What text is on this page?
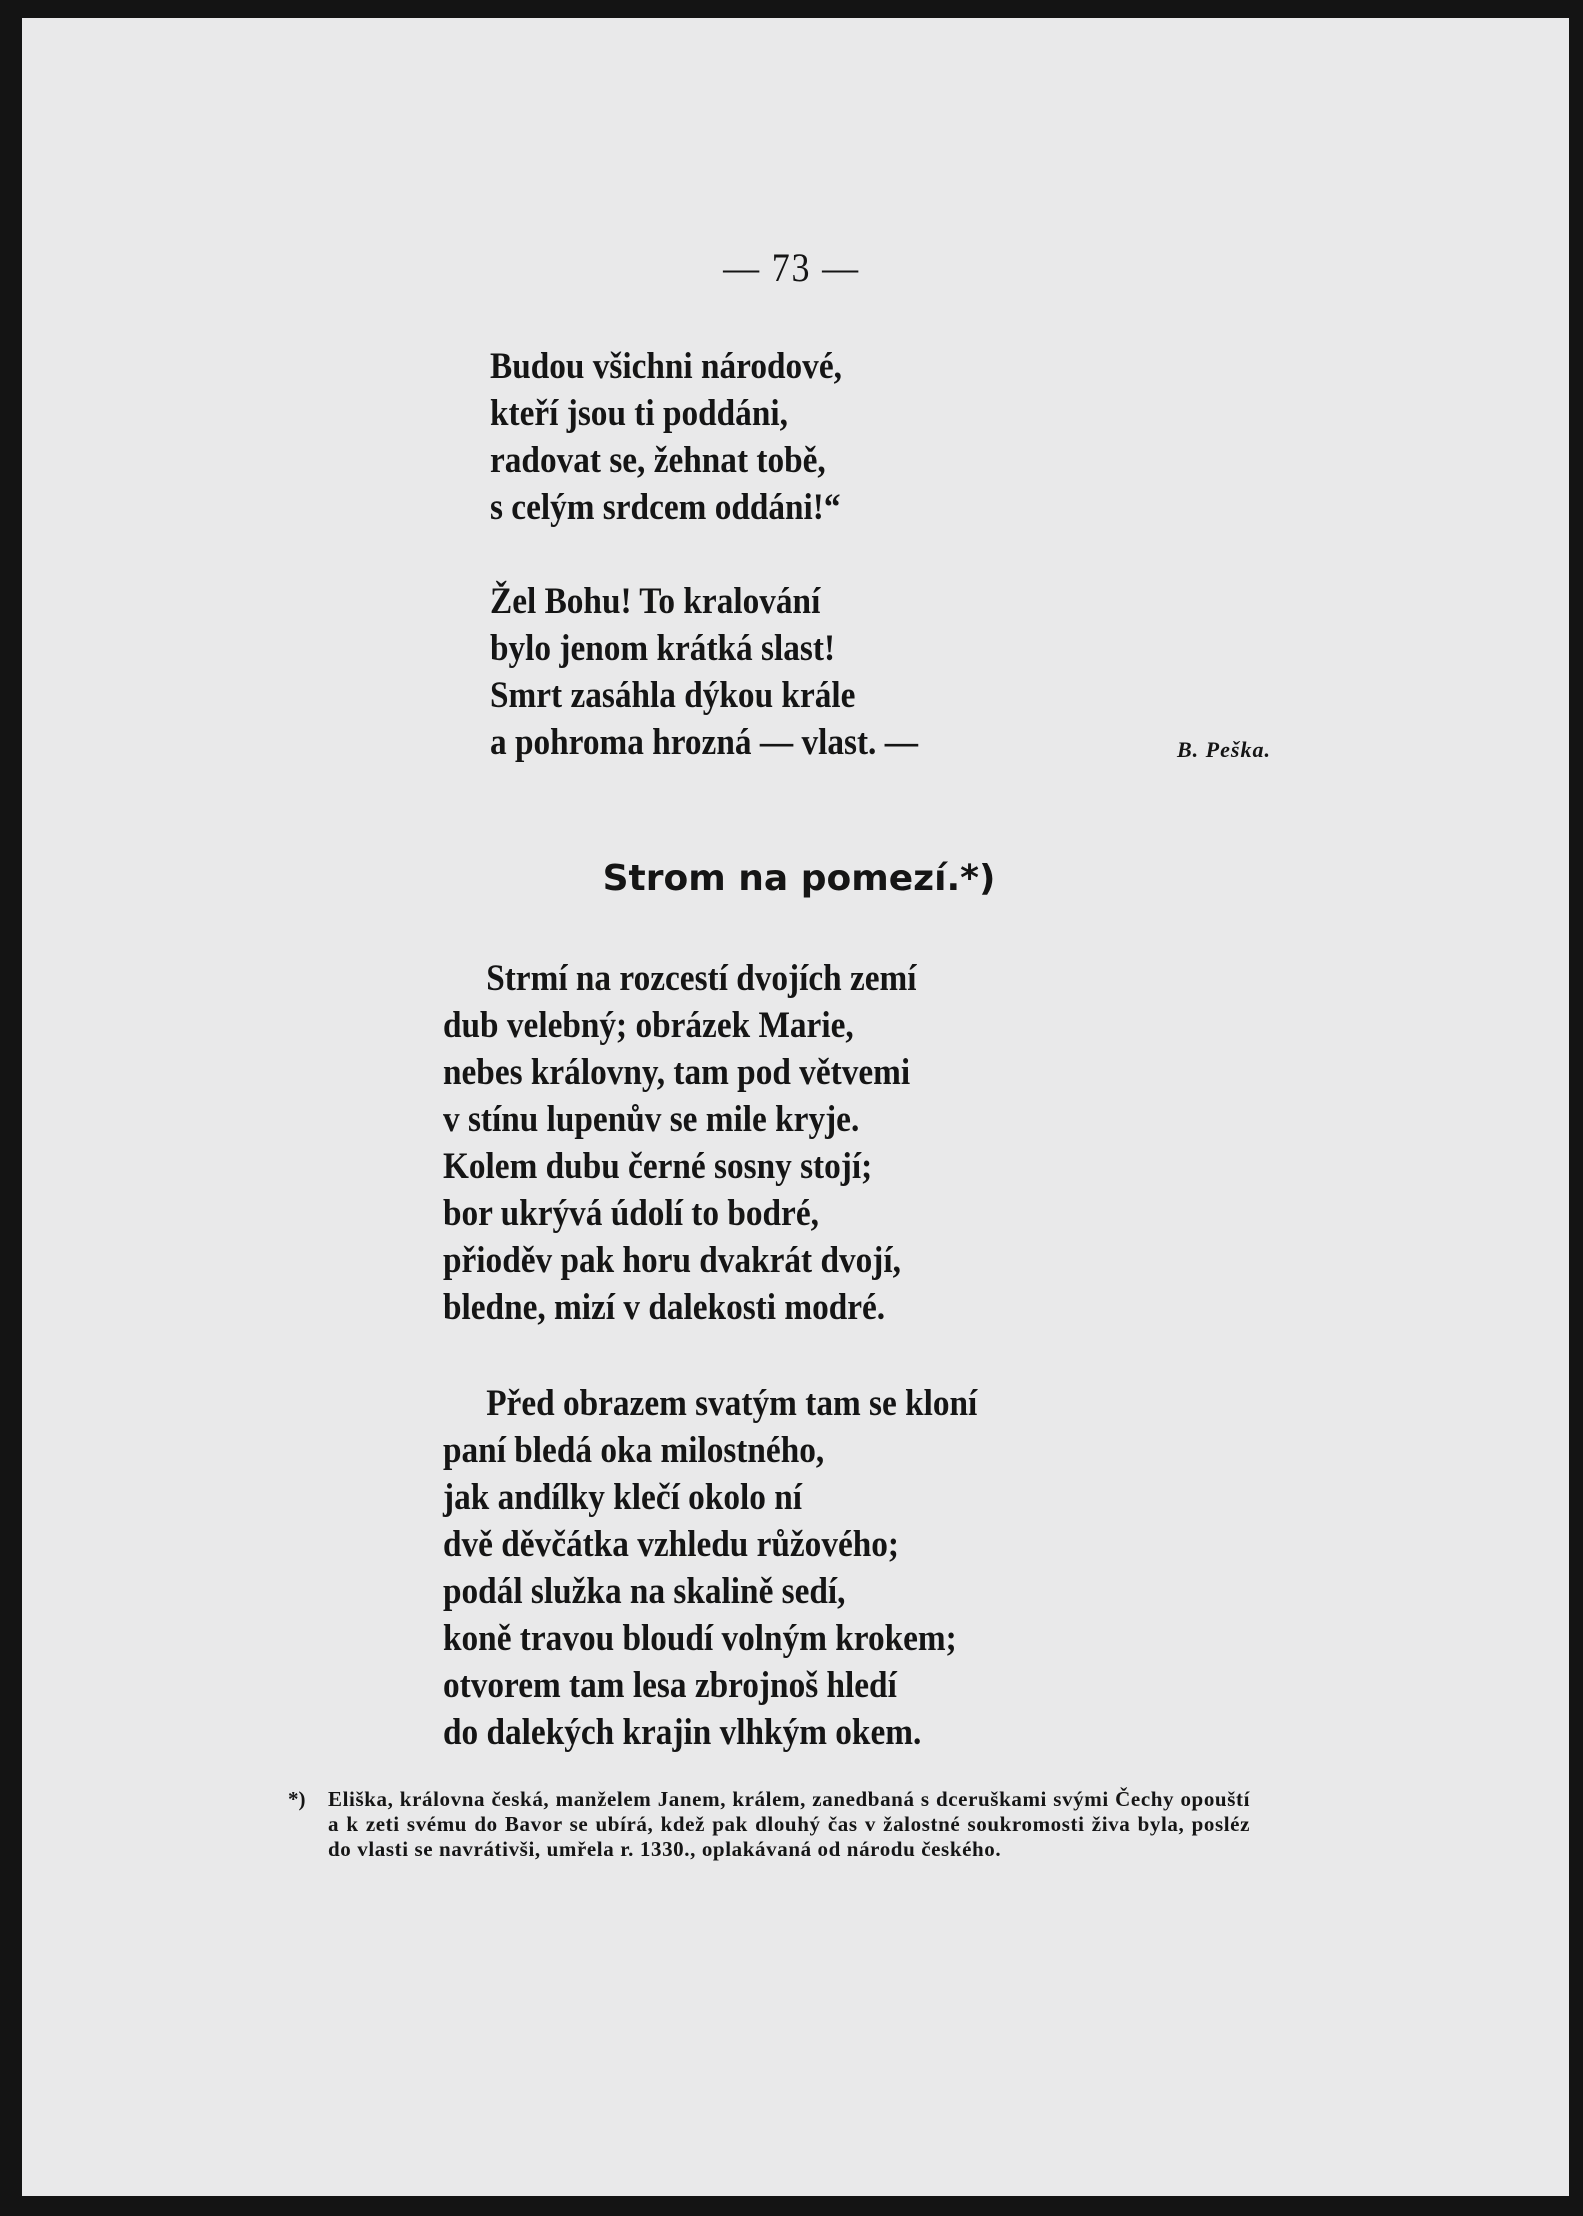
— 73 —
Budou všichni národové,
kteří jsou ti poddáni,
radovat se, žehnat tobě,
s celým srdcem oddáni!“
Žel Bohu! To kralování
bylo jenom krátká slast!
Smrt zasáhla dýkou krále
a pohroma hrozná — vlast. —	B. Peška.
Strom na pomezí.*)
Strmí na rozcestí dvojích zemí
dub velebný; obrázek Marie,
nebes královny, tam pod větvemi
v stínu lupenův se mile kryje.
Kolem dubu černé sosny stojí;
bor ukrývá údolí to bodré,
přioděv pak horu dvakrát dvojí,
bledne, mizí v dalekosti modré.
Před obrazem svatým tam se kloní
paní bledá oka milostného,
jak andílky klečí okolo ní
dvě děvčátka vzhledu růžového;
podál služka na skalině sedí,
koně travou bloudí volným krokem;
otvorem tam lesa zbrojnoš hledí
do dalekých krajin vlhkým okem.
*)	Eliška, královna česká, manželem Janem, králem, zanedbaná s dceruškami svými Čechy opouští a k zeti svému do Bavor se ubírá, kdež pak dlouhý čas v žalostné soukromosti živa byla, posléz do vlasti se navrátivši, umřela r. 1330., oplakávaná od národu českého.
